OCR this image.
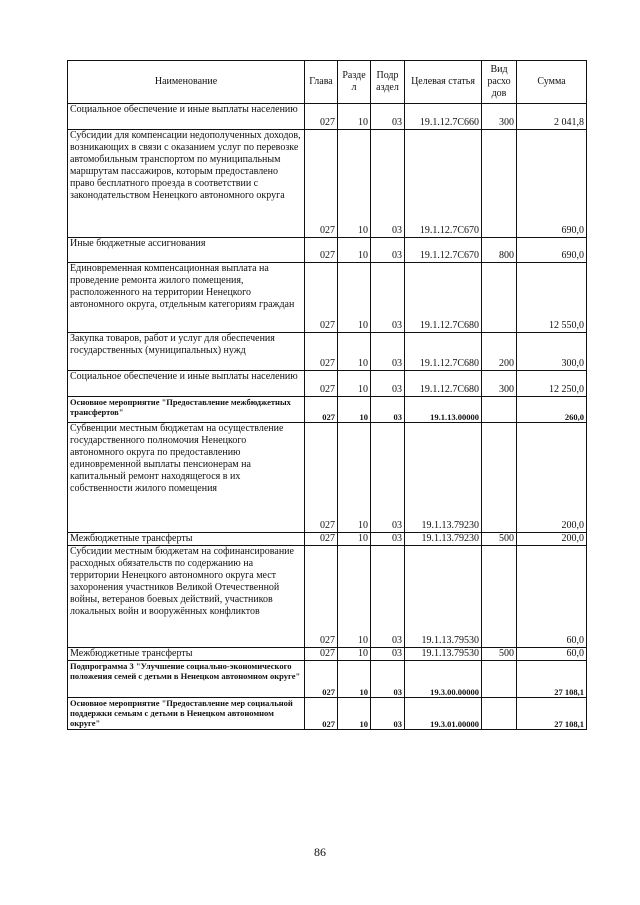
Наименование	Глава	Разде л	Подр аздел	Целевая статья	Вид расхо дов	Сумма
Социальное обеспечение и иные выплаты населению	027	10	03	19.1.12.7С660	300	2 041,8
Субсидии для компенсации недополученных доходов, возникающих в связи с оказанием услуг по перевозке автомобильным транспортом по муниципальным маршрутам пассажиров, которым предоставлено право бесплатного проезда в соответствии с законодательством Ненецкого автономного округа	027	10	03	19.1.12.7С670		690,0
Иные бюджетные ассигнования	027	10	03	19.1.12.7С670	800	690,0
Единовременная компенсационная выплата на проведение ремонта жилого помещения, расположенного на территории Ненецкого автономного округа, отдельным категориям граждан	027	10	03	19.1.12.7С680		12 550,0
Закупка товаров, работ и услуг для обеспечения государственных (муниципальных) нужд	027	10	03	19.1.12.7С680	200	300,0
Социальное обеспечение и иные выплаты населению	027	10	03	19.1.12.7С680	300	12 250,0
Основное мероприятие "Предоставление межбюджетных трансфертов"	027	10	03	19.1.13.00000		260,0
Субвенции местным бюджетам на осуществление государственного полномочия Ненецкого автономного округа по предоставлению единовременной выплаты пенсионерам на капитальный ремонт находящегося в их собственности жилого помещения	027	10	03	19.1.13.79230		200,0
Межбюджетные трансферты	027	10	03	19.1.13.79230	500	200,0
Субсидии местным бюджетам на софинансирование расходных обязательств по содержанию на территории Ненецкого автономного округа мест захоронения участников Великой Отечественной войны, ветеранов боевых действий, участников локальных войн и вооружённых конфликтов	027	10	03	19.1.13.79530		60,0
Межбюджетные трансферты	027	10	03	19.1.13.79530	500	60,0
Подпрограмма 3 "Улучшение социально-экономического положения семей с детьми в Ненецком автономном округе"	027	10	03	19.3.00.00000		27 108,1
Основное мероприятие "Предоставление мер социальной поддержки семьям с детьми в Ненецком автономном округе"	027	10	03	19.3.01.00000		27 108,1
86
